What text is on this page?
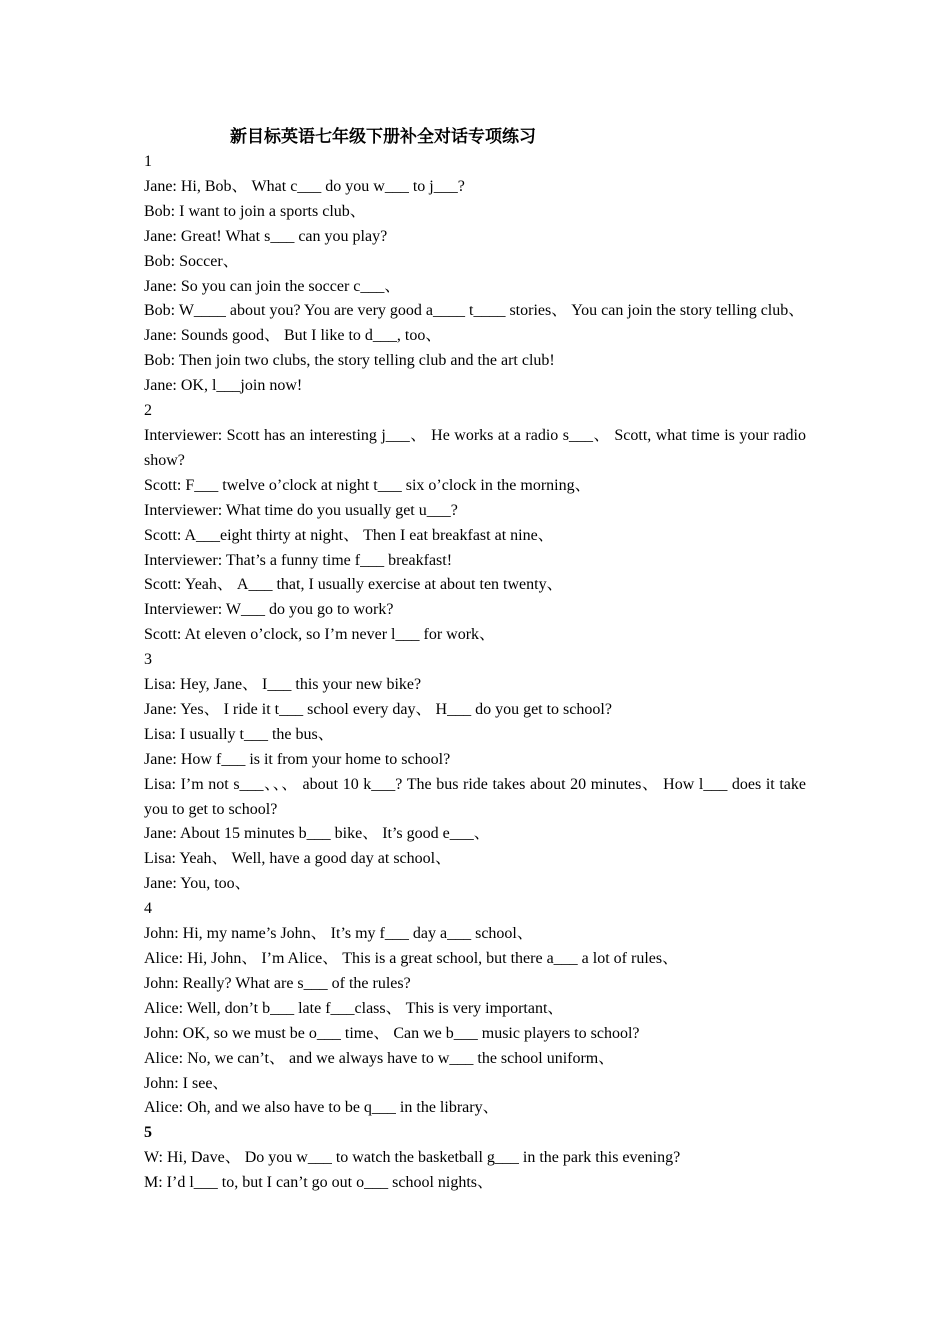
新目标英语七年级下册补全对话专项练习
1
Jane: Hi, Bob、 What c___ do you w___ to j___?
Bob: I want to join a sports club、
Jane: Great! What s___ can you play?
Bob: Soccer、
Jane: So you can join the soccer c___、
Bob: W____ about you? You are very good a____ t____ stories、 You can join the story telling club、
Jane: Sounds good、 But I like to d___, too、
Bob: Then join two clubs, the story telling club and the art club!
Jane: OK, l___join now!
2
Interviewer: Scott has an interesting j___、 He works at a radio s___、 Scott, what time is your radio show?
Scott: F___ twelve o’clock at night t___ six o’clock in the morning、
Interviewer: What time do you usually get u___?
Scott: A___eight thirty at night、 Then I eat breakfast at nine、
Interviewer: That’s a funny time f___ breakfast!
Scott: Yeah、 A___ that, I usually exercise at about ten twenty、
Interviewer: W___ do you go to work?
Scott: At eleven o’clock, so I’m never l___ for work、
3
Lisa: Hey, Jane、 I___ this your new bike?
Jane: Yes、 I ride it t___ school every day、 H___ do you get to school?
Lisa: I usually t___ the bus、
Jane: How f___ is it from your home to school?
Lisa: I’m not s___、、、 about 10 k___? The bus ride takes about 20 minutes、 How l___ does it take you to get to school?
Jane: About 15 minutes b___ bike、 It’s good e___、
Lisa: Yeah、 Well, have a good day at school、
Jane: You, too、
4
John: Hi, my name’s John、 It’s my f___ day a___ school、
Alice: Hi, John、 I’m Alice、 This is a great school, but there a___ a lot of rules、
John: Really? What are s___ of the rules?
Alice: Well, don’t b___ late f___class、 This is very important、
John: OK, so we must be o___ time、 Can we b___ music players to school?
Alice: No, we can’t、 and we always have to w___ the school uniform、
John: I see、
Alice: Oh, and we also have to be q___ in the library、
5
W: Hi, Dave、 Do you w___ to watch the basketball g___ in the park this evening?
M: I’d l___ to, but I can’t go out o___ school nights、
